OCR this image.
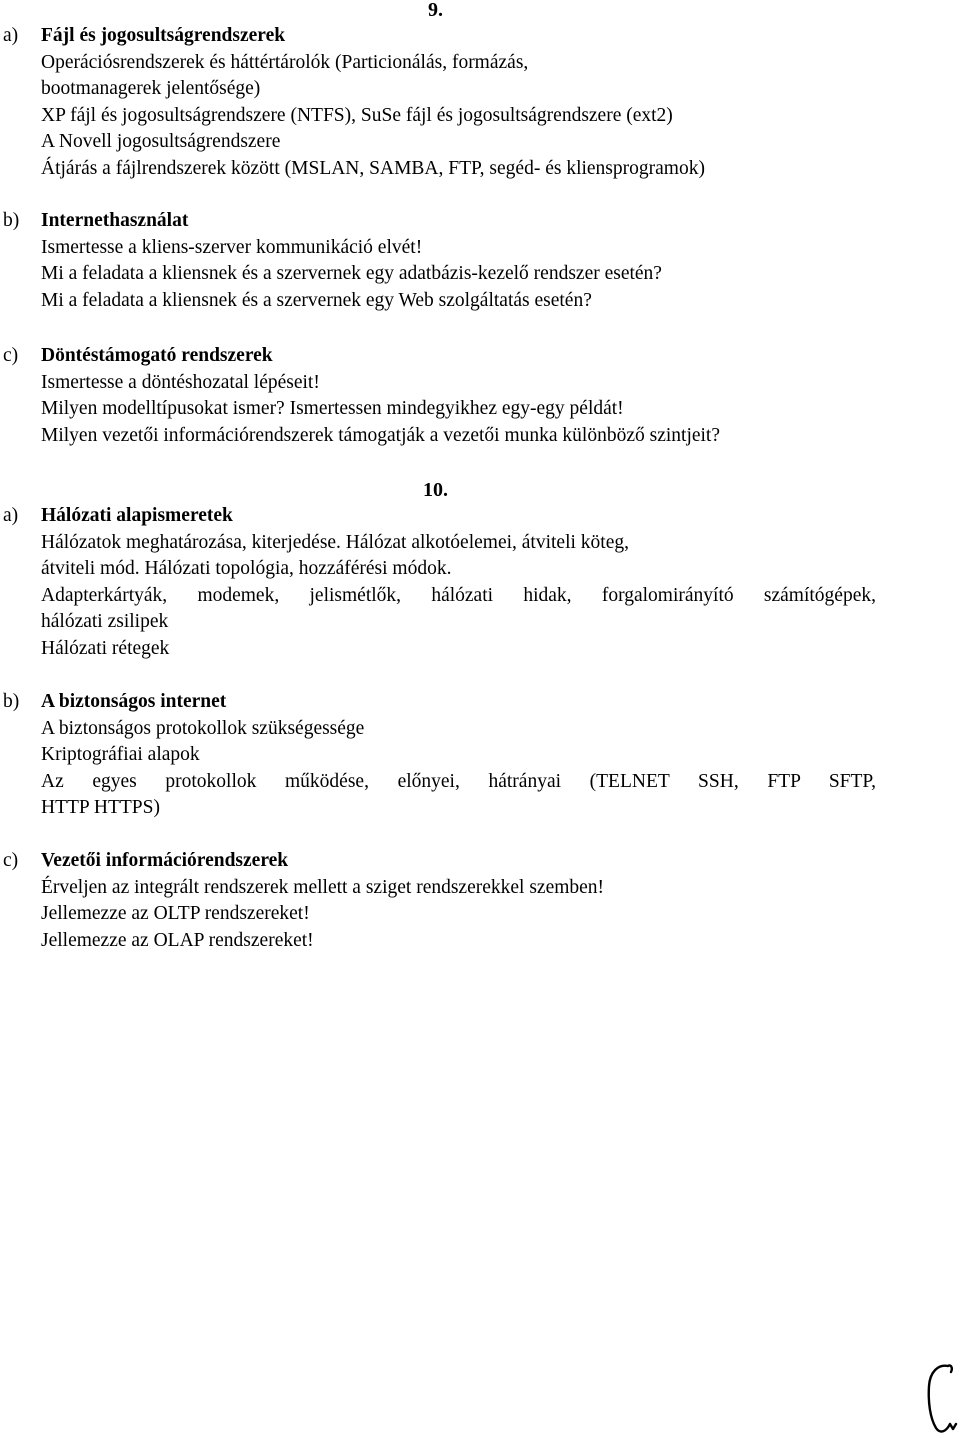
9.
a) Fájl és jogosultságrendszerek
Operációsrendszerek és háttértárolók (Particionálás, formázás,
bootmanagerek jelentősége)
XP fájl és jogosultságrendszere (NTFS), SuSe fájl és jogosultságrendszere (ext2)
A Novell jogosultságrendszere
Átjárás a fájlrendszerek között (MSLAN, SAMBA, FTP, segéd- és kliensprogramok)
b) Internethasználat
Ismertesse a kliens-szerver kommunikáció elvét!
Mi a feladata a kliensnek és a szervernek egy adatbázis-kezelő rendszer esetén?
Mi a feladata a kliensnek és a szervernek egy Web szolgáltatás esetén?
c) Döntéstámogató rendszerek
Ismertesse a döntéshozatal lépéseit!
Milyen modelltípusokat ismer? Ismertessen mindegyikhez egy-egy példát!
Milyen vezetői információrendszerek támogatják a vezetői munka különböző szintjeit?
10.
a) Hálózati alapismeretek
Hálózatok meghatározása, kiterjedése. Hálózat alkotóelemei, átviteli köteg,
átviteli mód. Hálózati topológia, hozzáférési módok.
Adapterkártyák, modemek, jelismétlők, hálózati hidak, forgalomirányító számítógépek,
hálózati zsilipek
Hálózati rétegek
b) A biztonságos internet
A biztonságos protokollok szükségessége
Kriptográfiai alapok
Az egyes protokollok működése, előnyei, hátrányai (TELNET SSH, FTP SFTP,
HTTP HTTPS)
c) Vezetői információrendszerek
Érveljen az integrált rendszerek mellett a sziget rendszerekkel szemben!
Jellemezze az OLTP rendszereket!
Jellemezze az OLAP rendszereket!
